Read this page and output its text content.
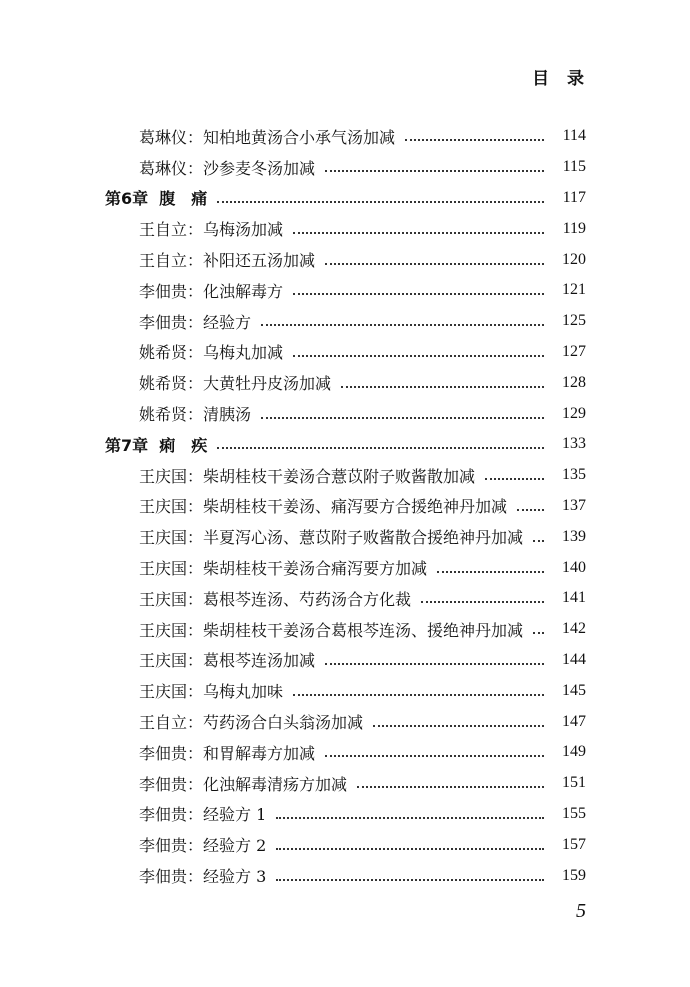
目 录
葛琳仪：知柏地黄汤合小承气汤加减	114
葛琳仪：沙参麦冬汤加减	115
第6章 腹　痛	117
王自立：乌梅汤加减	119
王自立：补阳还五汤加减	120
李佃贵：化浊解毒方	121
李佃贵：经验方	125
姚希贤：乌梅丸加减	127
姚希贤：大黄牡丹皮汤加减	128
姚希贤：清胰汤	129
第7章 痢　疾	133
王庆国：柴胡桂枝干姜汤合薏苡附子败酱散加减	135
王庆国：柴胡桂枝干姜汤、痛泻要方合援绝神丹加减	137
王庆国：半夏泻心汤、薏苡附子败酱散合援绝神丹加减	139
王庆国：柴胡桂枝干姜汤合痛泻要方加减	140
王庆国：葛根芩连汤、芍药汤合方化裁	141
王庆国：柴胡桂枝干姜汤合葛根芩连汤、援绝神丹加减	142
王庆国：葛根芩连汤加减	144
王庆国：乌梅丸加味	145
王自立：芍药汤合白头翁汤加减	147
李佃贵：和胃解毒方加减	149
李佃贵：化浊解毒清疡方加减	151
李佃贵：经验方 1	155
李佃贵：经验方 2	157
李佃贵：经验方 3	159
5
